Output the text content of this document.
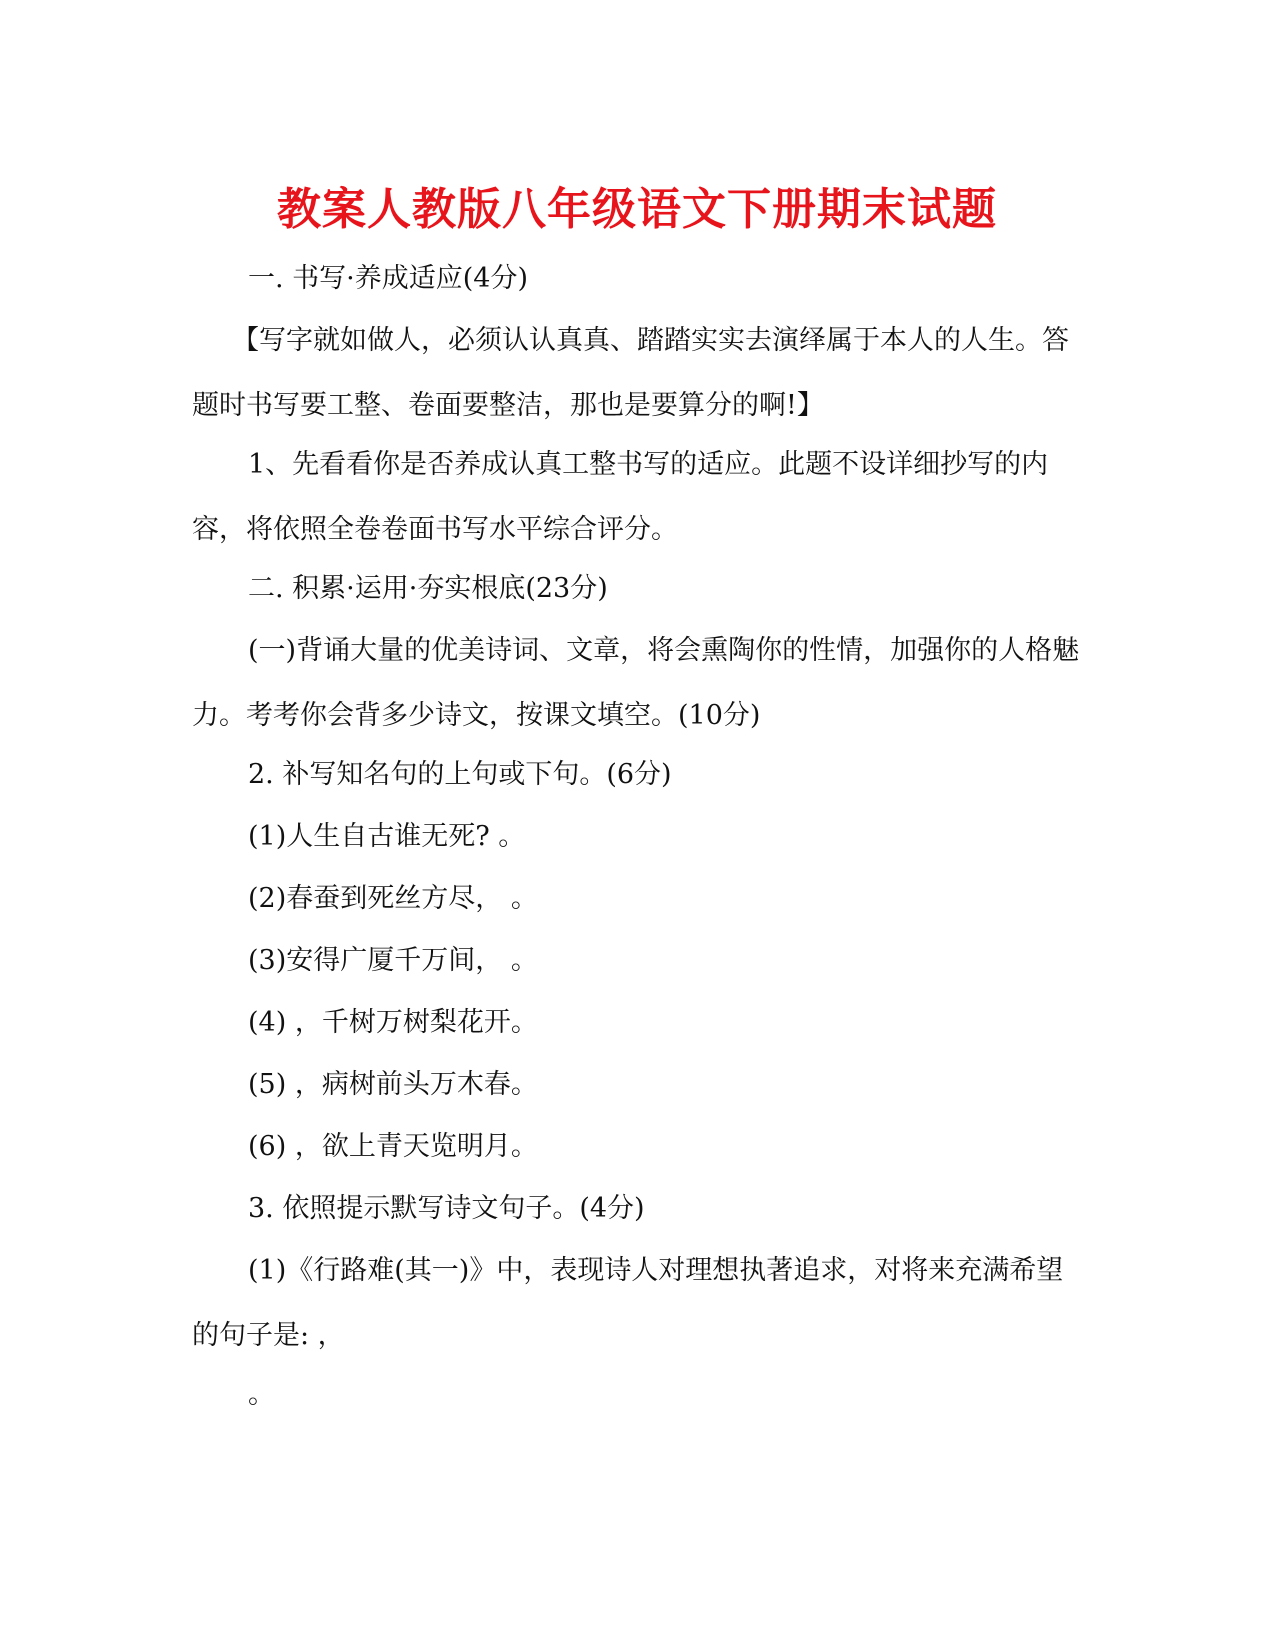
教案人教版八年级语文下册期末试题

一. 书写·养成适应(4分)

【写字就如做人，必须认认真真、踏踏实实去演绎属于本人的人生。答题时书写要工整、卷面要整洁，那也是要算分的啊!】

1、先看看你是否养成认真工整书写的适应。此题不设详细抄写的内容，将依照全卷卷面书写水平综合评分。

二. 积累·运用·夯实根底(23分)

(一)背诵大量的优美诗词、文章，将会熏陶你的性情，加强你的人格魅力。考考你会背多少诗文，按课文填空。(10分)

2. 补写知名句的上句或下句。(6分)

(1)人生自古谁无死? 。

(2)春蚕到死丝方尽， 。

(3)安得广厦千万间， 。

(4) ，千树万树梨花开。

(5) ，病树前头万木春。

(6) ，欲上青天览明月。

3. 依照提示默写诗文句子。(4分)

(1)《行路难(其一)》中，表现诗人对理想执著追求，对将来充满希望的句子是: ，

。
